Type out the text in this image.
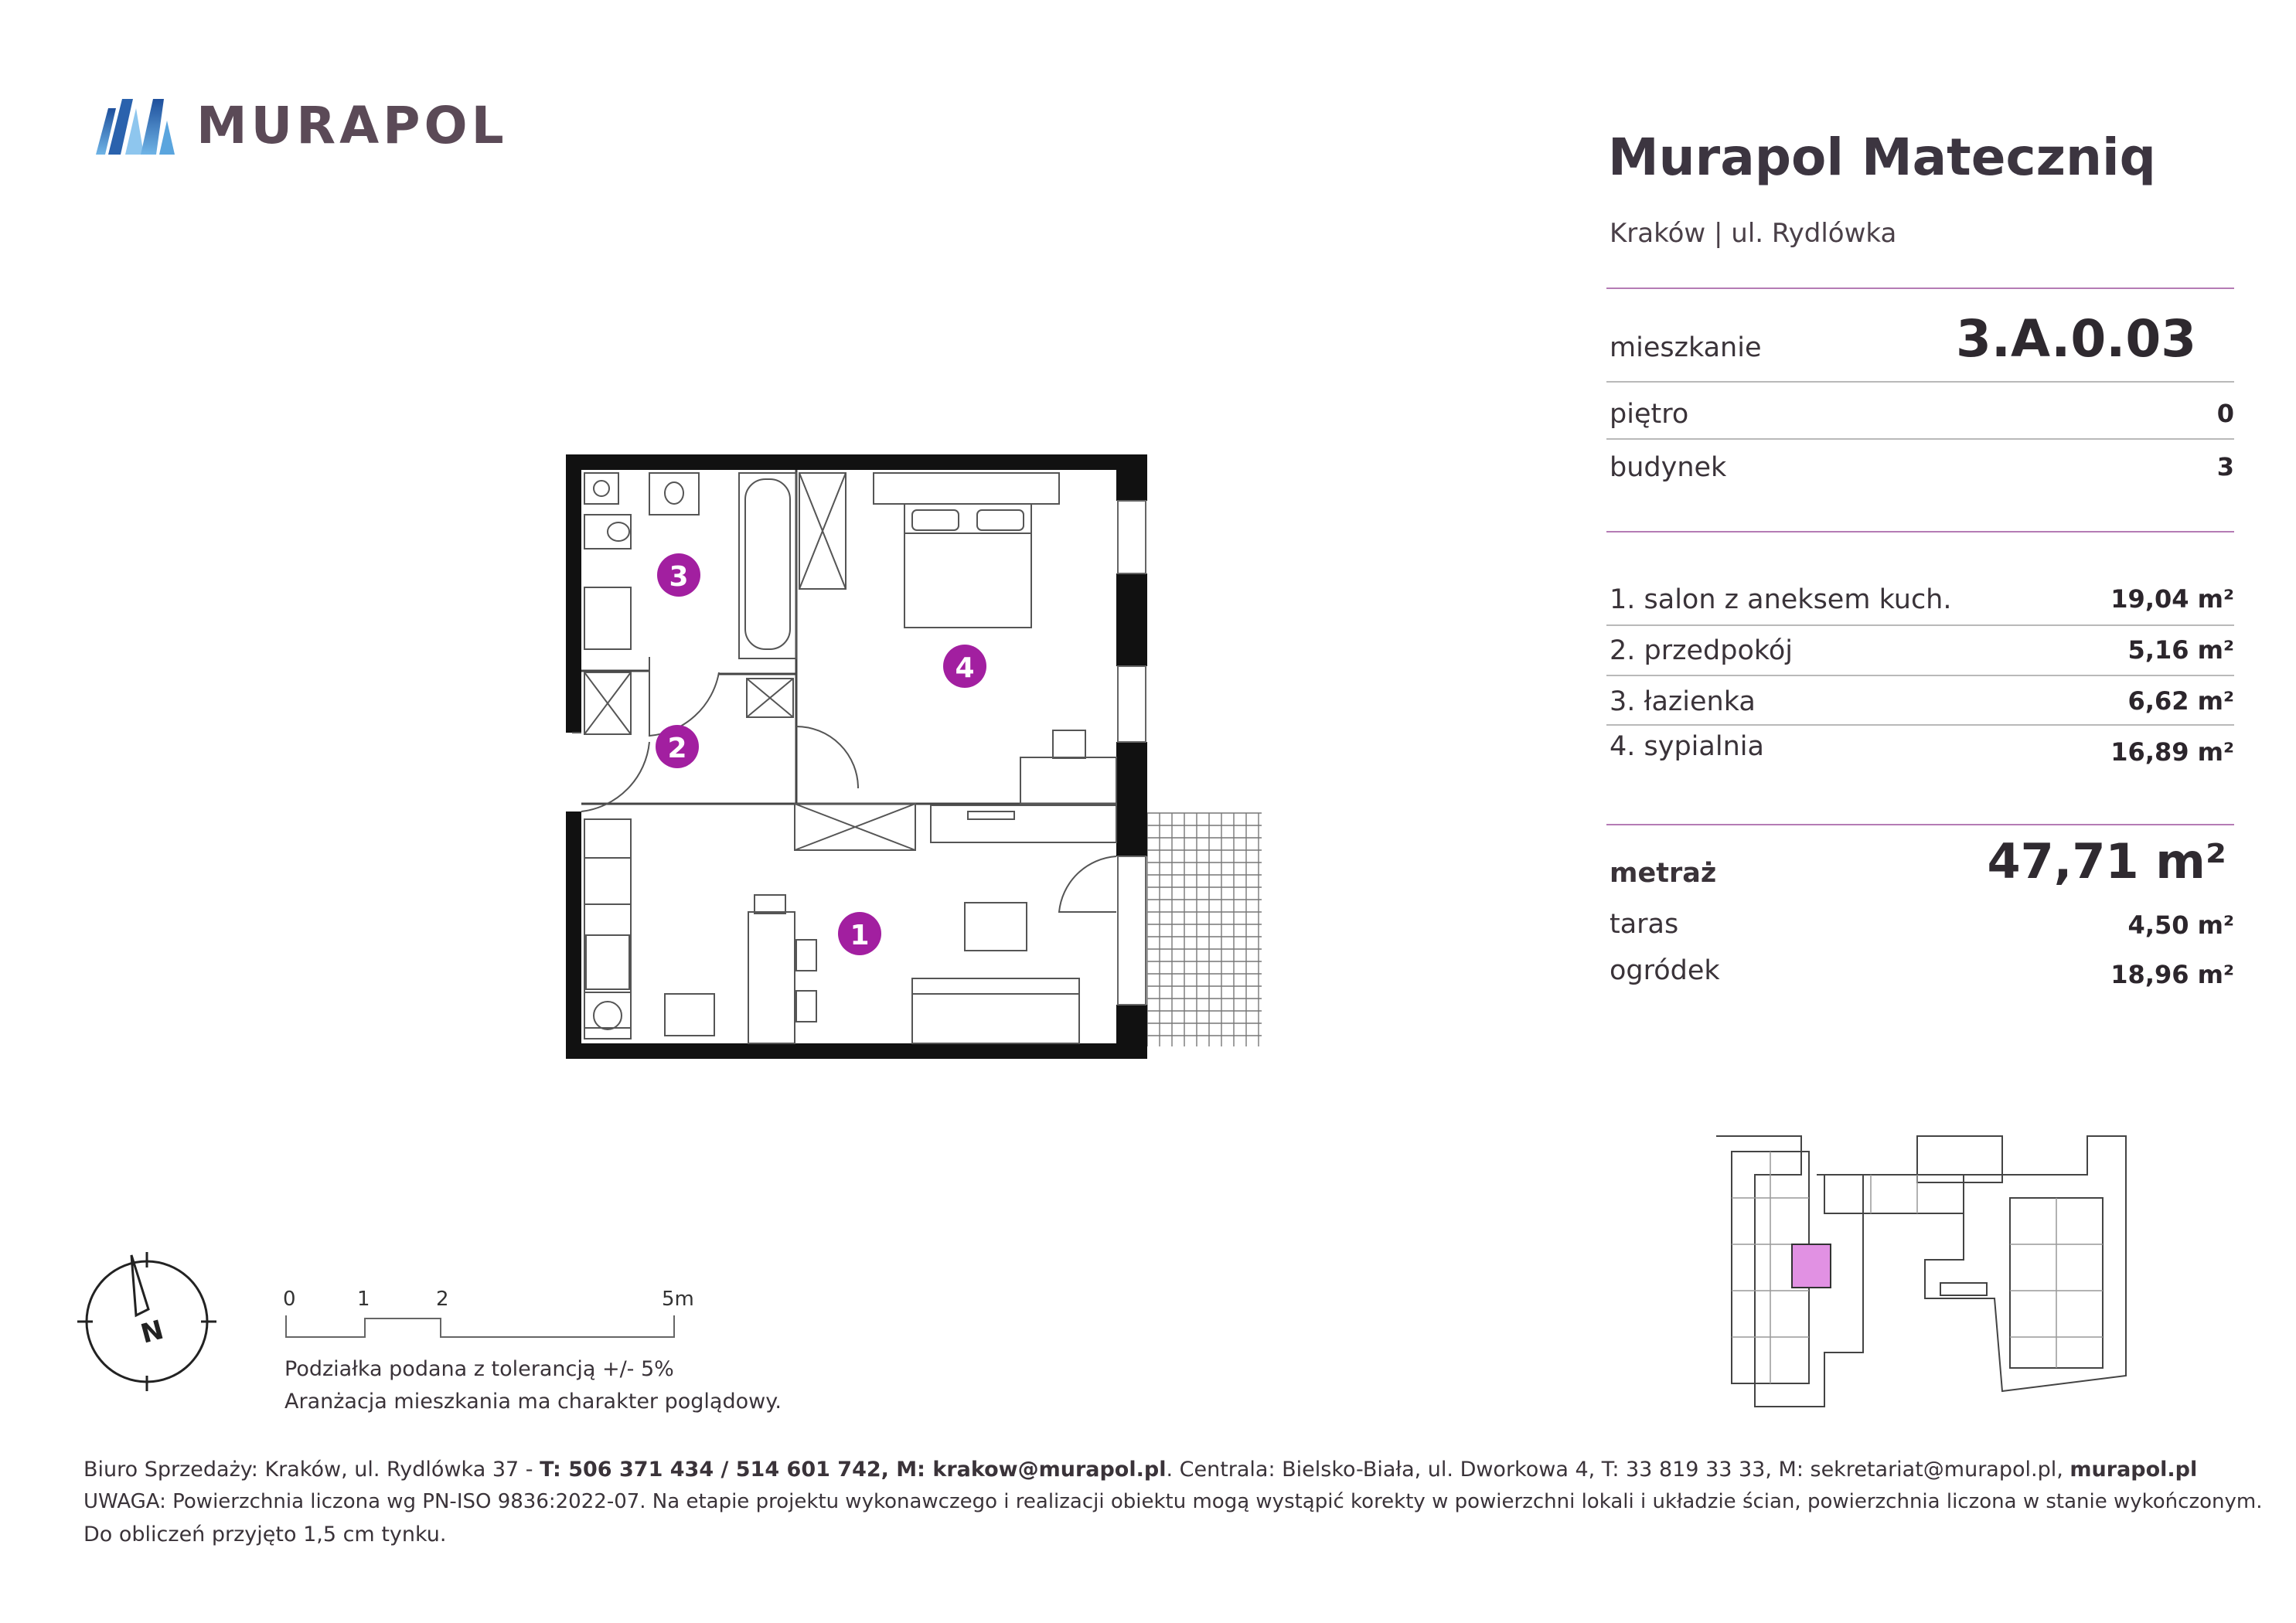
MURAPOL
Murapol Mateczniq
Kraków | ul. Rydlówka
mieszkanie	3.A.0.03
piętro	0
budynek	3
1. salon z aneksem kuch.	19,04 m²
2. przedpokój	5,16 m²
3. łazienka	6,62 m²
4. sypialnia	16,89 m²
metraż	47,71 m²
taras	4,50 m²
ogródek	18,96 m²
1
2
3
4
N
0	1	2	5m
Podziałka podana z tolerancją +/- 5%
Aranżacja mieszkania ma charakter poglądowy.
Biuro Sprzedaży: Kraków, ul. Rydlówka 37 - T: 506 371 434 / 514 601 742, M: krakow@murapol.pl. Centrala: Bielsko-Biała, ul. Dworkowa 4, T: 33 819 33 33, M: sekretariat@murapol.pl, murapol.pl
UWAGA: Powierzchnia liczona wg PN-ISO 9836:2022-07. Na etapie projektu wykonawczego i realizacji obiektu mogą wystąpić korekty w powierzchni lokali i układzie ścian, powierzchnia liczona w stanie wykończonym.
Do obliczeń przyjęto 1,5 cm tynku.
